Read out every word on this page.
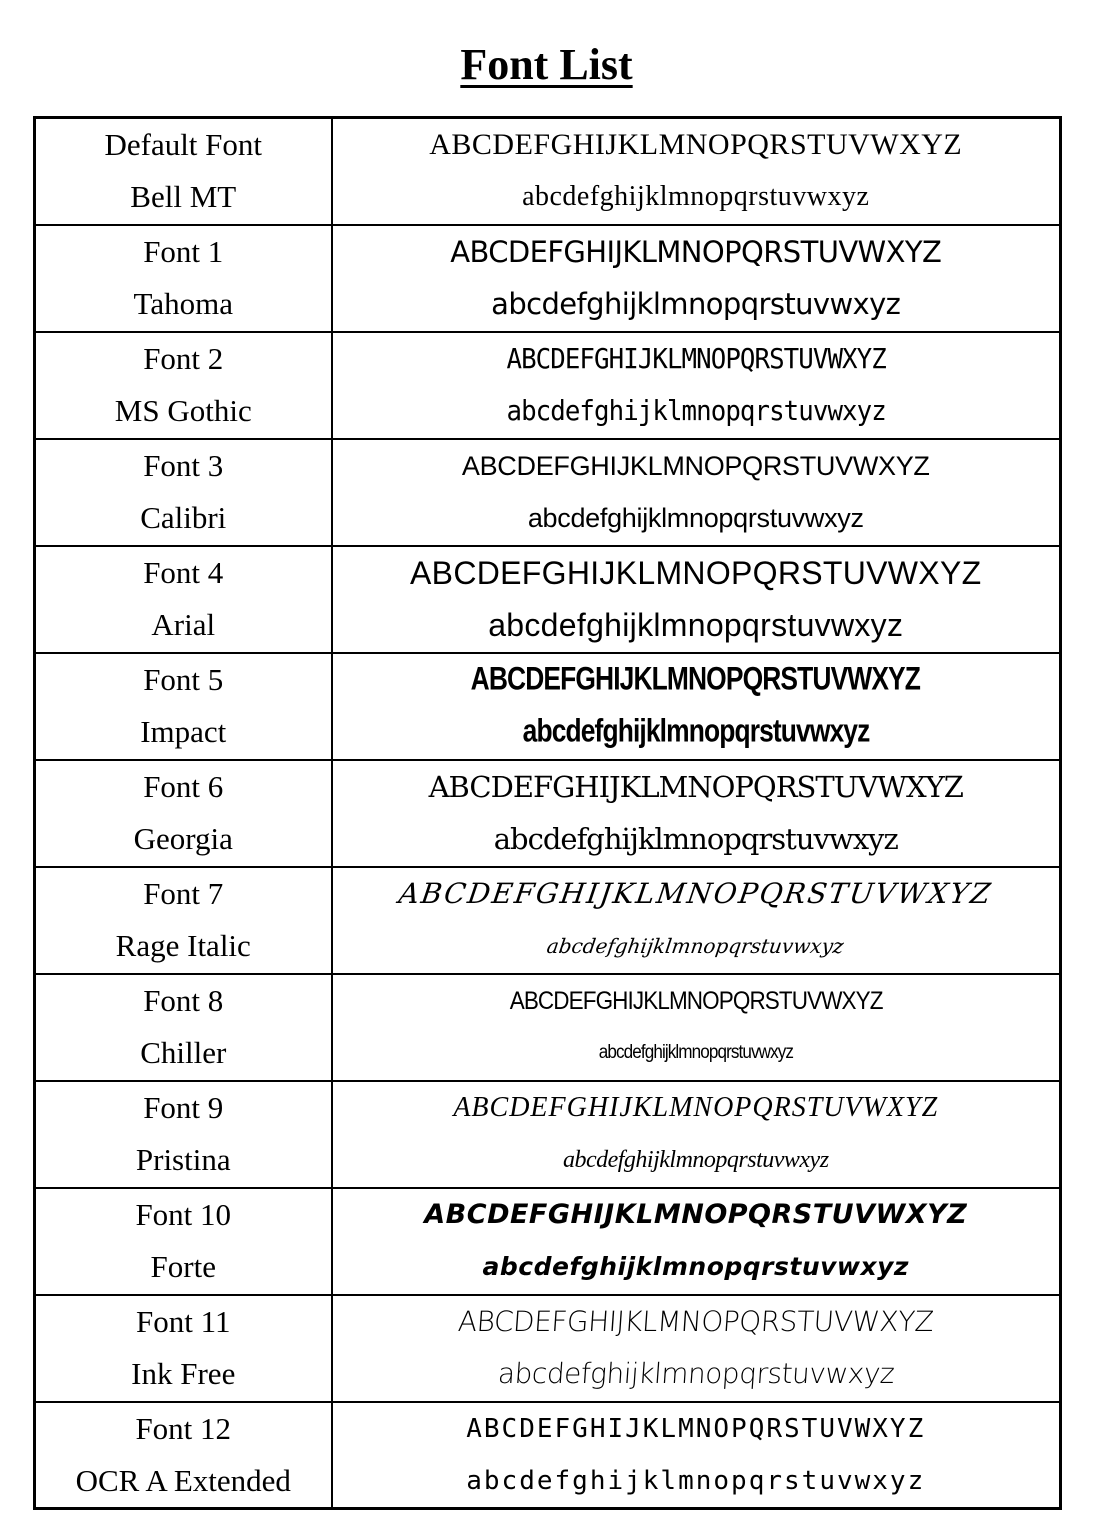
Font List
Default Font
Bell MT	ABCDEFGHIJKLMNOPQRSTUVWXYZ
abcdefghijklmnopqrstuvwxyz

Font 1
Tahoma	ABCDEFGHIJKLMNOPQRSTUVWXYZ
abcdefghijklmnopqrstuvwxyz

Font 2
MS Gothic	ABCDEFGHIJKLMNOPQRSTUVWXYZ
abcdefghijklmnopqrstuvwxyz

Font 3
Calibri	ABCDEFGHIJKLMNOPQRSTUVWXYZ
abcdefghijklmnopqrstuvwxyz

Font 4
Arial	ABCDEFGHIJKLMNOPQRSTUVWXYZ
abcdefghijklmnopqrstuvwxyz

Font 5
Impact	ABCDEFGHIJKLMNOPQRSTUVWXYZ
abcdefghijklmnopqrstuvwxyz

Font 6
Georgia	ABCDEFGHIJKLMNOPQRSTUVWXYZ
abcdefghijklmnopqrstuvwxyz

Font 7
Rage Italic	ABCDEFGHIJKLMNOPQRSTUVWXYZ
abcdefghijklmnopqrstuvwxyz

Font 8
Chiller	ABCDEFGHIJKLMNOPQRSTUVWXYZ
abcdefghijklmnopqrstuvwxyz

Font 9
Pristina	ABCDEFGHIJKLMNOPQRSTUVWXYZ
abcdefghijklmnopqrstuvwxyz

Font 10
Forte	ABCDEFGHIJKLMNOPQRSTUVWXYZ
abcdefghijklmnopqrstuvwxyz

Font 11
Ink Free	ABCDEFGHIJKLMNOPQRSTUVWXYZ
abcdefghijklmnopqrstuvwxyz

Font 12
OCR A Extended	ABCDEFGHIJKLMNOPQRSTUVWXYZ
abcdefghijklmnopqrstuvwxyz
